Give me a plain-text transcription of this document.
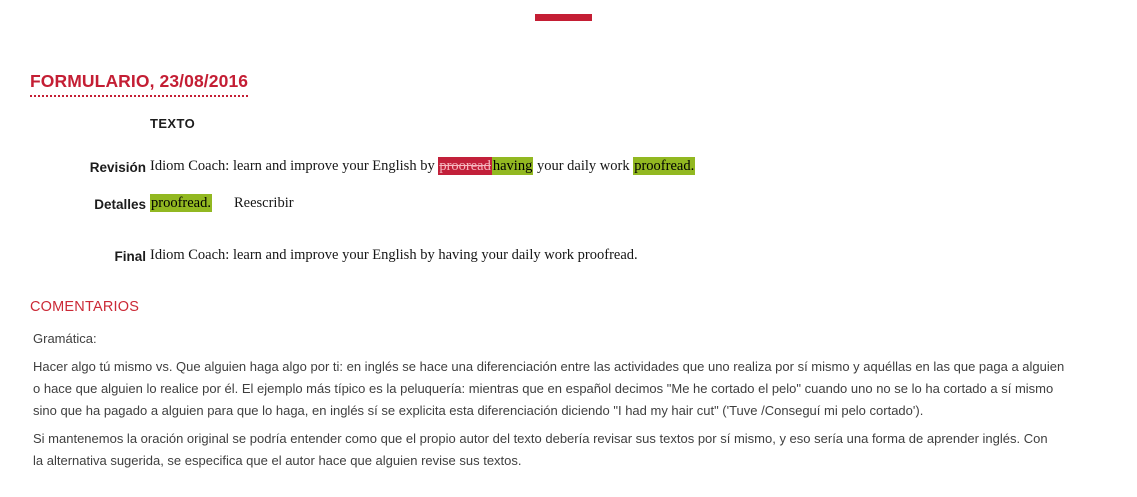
FORMULARIO, 23/08/2016
TEXTO
Revisión Idiom Coach: learn and improve your English by prooread having your daily work proofread.
Detalles proofread. Reescribir
Final Idiom Coach: learn and improve your English by having your daily work proofread.
COMENTARIOS
Gramática:
Hacer algo tú mismo vs. Que alguien haga algo por ti: en inglés se hace una diferenciación entre las actividades que uno realiza por sí mismo y aquéllas en las que paga a alguien
o hace que alguien lo realice por él. El ejemplo más típico es la peluquería: mientras que en español decimos "Me he cortado el pelo" cuando uno no se lo ha cortado a sí mismo
sino que ha pagado a alguien para que lo haga, en inglés sí se explicita esta diferenciación diciendo "I had my hair cut" ('Tuve /Conseguí mi pelo cortado').
Si mantenemos la oración original se podría entender como que el propio autor del texto debería revisar sus textos por sí mismo, y eso sería una forma de aprender inglés. Con
la alternativa sugerida, se especifica que el autor hace que alguien revise sus textos.
